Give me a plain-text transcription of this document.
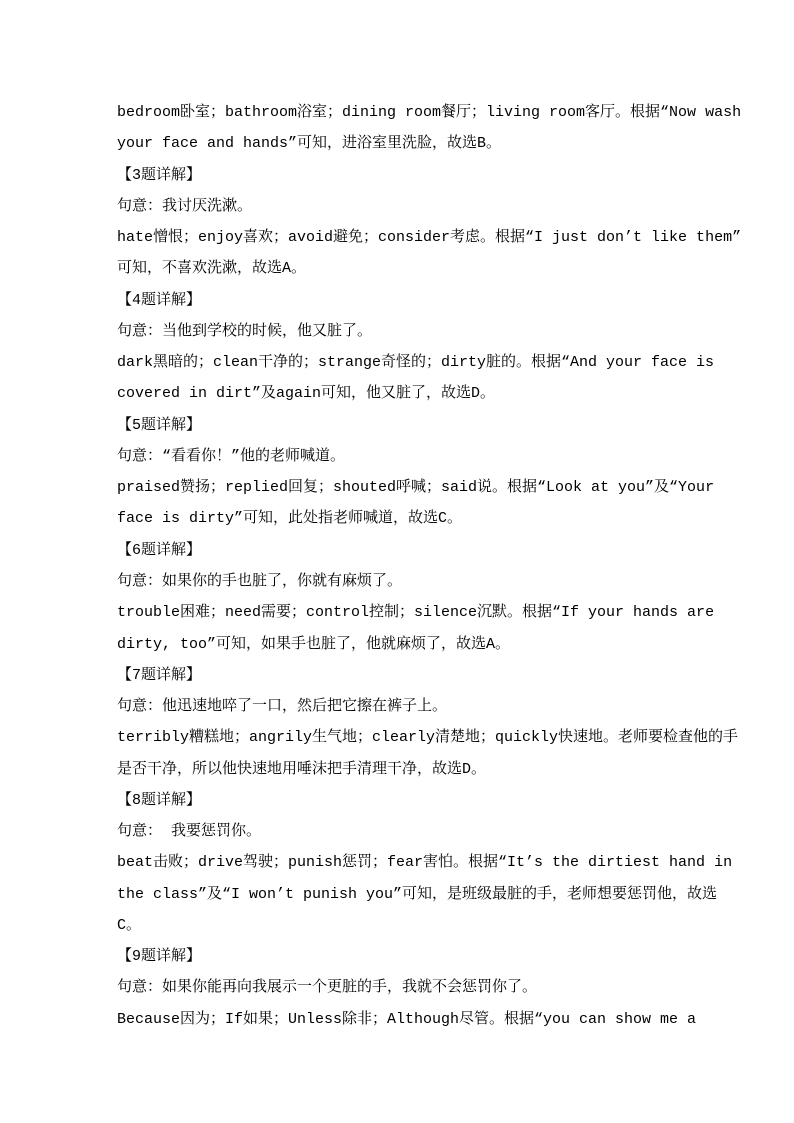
bedroom卧室；bathroom浴室；dining room餐厅；living room客厅。根据“Now wash
your face and hands”可知，进浴室里洗脸，故选B。
【3题详解】
句意：我讨厌洗漱。
hate憎恨；enjoy喜欢；avoid避免；consider考虑。根据“I just don’t like them”
可知，不喜欢洗漱，故选A。
【4题详解】
句意：当他到学校的时候，他又脏了。
dark黑暗的；clean干净的；strange奇怪的；dirty脏的。根据“And your face is
covered in dirt”及again可知，他又脏了，故选D。
【5题详解】
句意：“看看你！”他的老师喊道。
praised赞扬；replied回复；shouted呼喊；said说。根据“Look at you”及“Your
face is dirty”可知，此处指老师喊道，故选C。
【6题详解】
句意：如果你的手也脏了，你就有麻烦了。
trouble困难；need需要；control控制；silence沉默。根据“If your hands are
dirty, too”可知，如果手也脏了，他就麻烦了，故选A。
【7题详解】
句意：他迅速地啐了一口，然后把它擦在裤子上。
terribly糟糕地；angrily生气地；clearly清楚地；quickly快速地。老师要检查他的手
是否干净，所以他快速地用唾沫把手清理干净，故选D。
【8题详解】
句意： 我要惩罚你。
beat击败；drive驾驶；punish惩罚；fear害怕。根据“It’s the dirtiest hand in
the class”及“I won’t punish you”可知，是班级最脏的手，老师想要惩罚他，故选
C。
【9题详解】
句意：如果你能再向我展示一个更脏的手，我就不会惩罚你了。
Because因为；If如果；Unless除非；Although尽管。根据“you can show me a
